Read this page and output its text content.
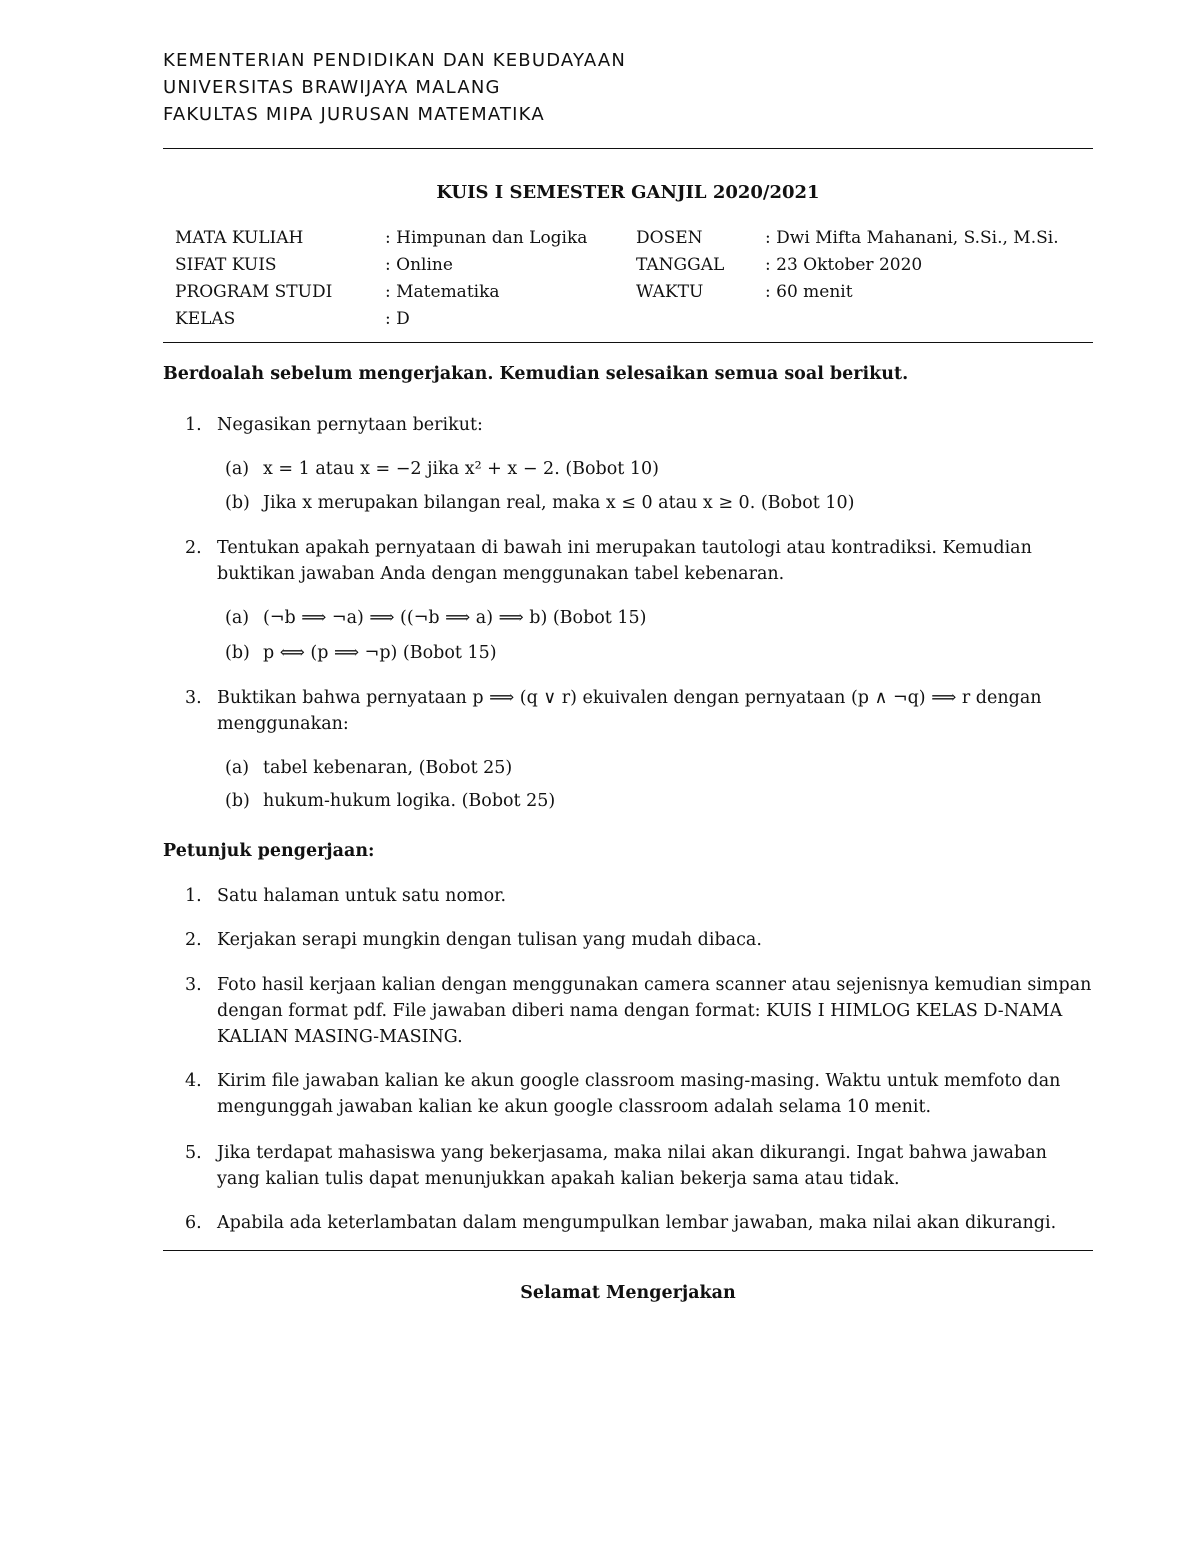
KEMENTERIAN PENDIDIKAN DAN KEBUDAYAAN
UNIVERSITAS BRAWIJAYA MALANG
FAKULTAS MIPA JURUSAN MATEMATIKA
KUIS I SEMESTER GANJIL 2020/2021
MATA KULIAH	: Himpunan dan Logika	DOSEN	: Dwi Mifta Mahanani, S.Si., M.Si.
SIFAT KUIS	: Online	TANGGAL : 23 Oktober 2020
PROGRAM STUDI	: Matematika	WAKTU	: 60 menit
KELAS	: D
Berdoalah sebelum mengerjakan. Kemudian selesaikan semua soal berikut.
1. Negasikan pernytaan berikut:
(a) x = 1 atau x = −2 jika x² + x − 2. (Bobot 10)
(b) Jika x merupakan bilangan real, maka x ≤ 0 atau x ≥ 0. (Bobot 10)
2. Tentukan apakah pernyataan di bawah ini merupakan tautologi atau kontradiksi. Kemudian buktikan jawaban Anda dengan menggunakan tabel kebenaran.
(a) (¬b ⟹ ¬a) ⟹ ((¬b ⟹ a) ⟹ b) (Bobot 15)
(b) p ⟺ (p ⟹ ¬p) (Bobot 15)
3. Buktikan bahwa pernyataan p ⟹ (q ∨ r) ekuivalen dengan pernyataan (p ∧ ¬q) ⟹ r dengan menggunakan:
(a) tabel kebenaran, (Bobot 25)
(b) hukum-hukum logika. (Bobot 25)
Petunjuk pengerjaan:
1. Satu halaman untuk satu nomor.
2. Kerjakan serapi mungkin dengan tulisan yang mudah dibaca.
3. Foto hasil kerjaan kalian dengan menggunakan camera scanner atau sejenisnya kemudian simpan dengan format pdf. File jawaban diberi nama dengan format: KUIS I HIMLOG KELAS D-NAMA KALIAN MASING-MASING.
4. Kirim file jawaban kalian ke akun google classroom masing-masing. Waktu untuk memfoto dan mengunggah jawaban kalian ke akun google classroom adalah selama 10 menit.
5. Jika terdapat mahasiswa yang bekerjasama, maka nilai akan dikurangi. Ingat bahwa jawaban yang kalian tulis dapat menunjukkan apakah kalian bekerja sama atau tidak.
6. Apabila ada keterlambatan dalam mengumpulkan lembar jawaban, maka nilai akan dikurangi.
Selamat Mengerjakan
